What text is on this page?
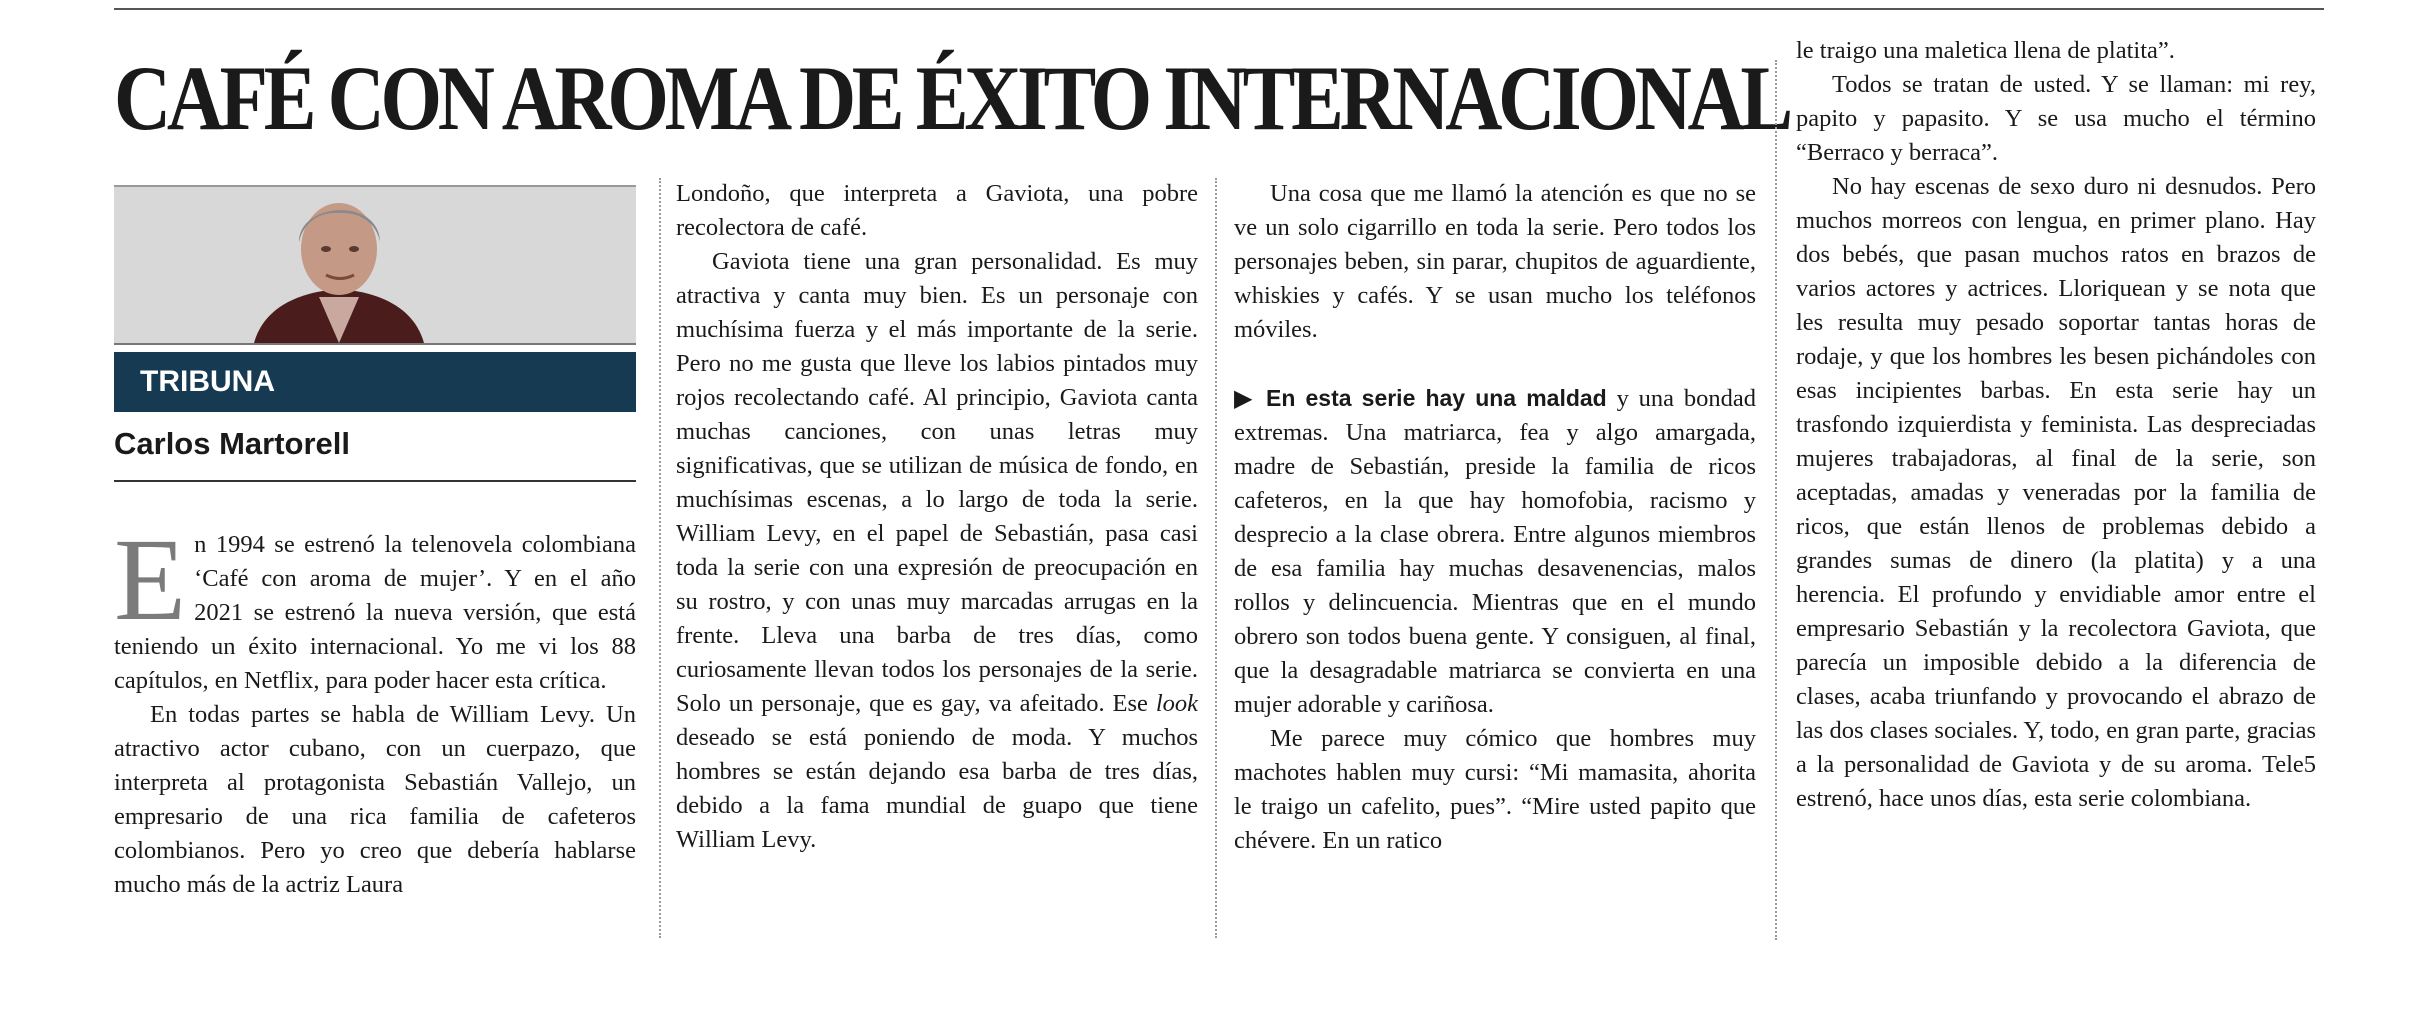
CAFÉ CON AROMA DE ÉXITO INTERNACIONAL
TRIBUNA
Carlos Martorell

En 1994 se estrenó la telenovela colombiana ‘Café con aroma de mujer’. Y en el año 2021 se estrenó la nueva versión, que está teniendo un éxito internacional. Yo me vi los 88 capítulos, en Netflix, para poder hacer esta crítica.

En todas partes se habla de William Levy. Un atractivo actor cubano, con un cuerpazo, que interpreta al protagonista Sebastián Vallejo, un empresario de una rica familia de cafeteros colombianos. Pero yo creo que debería hablarse mucho más de la actriz Laura

Londoño, que interpreta a Gaviota, una pobre recolectora de café.

Gaviota tiene una gran personalidad. Es muy atractiva y canta muy bien. Es un personaje con muchísima fuerza y el más importante de la serie. Pero no me gusta que lleve los labios pintados muy rojos recolectando café. Al principio, Gaviota canta muchas canciones, con unas letras muy significativas, que se utilizan de música de fondo, en muchísimas escenas, a lo largo de toda la serie. William Levy, en el papel de Sebastián, pasa casi toda la serie con una expresión de preocupación en su rostro, y con unas muy marcadas arrugas en la frente. Lleva una barba de tres días, como curiosamente llevan todos los personajes de la serie. Solo un personaje, que es gay, va afeitado. Ese look deseado se está poniendo de moda. Y muchos hombres se están dejando esa barba de tres días, debido a la fama mundial de guapo que tiene William Levy.

Una cosa que me llamó la atención es que no se ve un solo cigarrillo en toda la serie. Pero todos los personajes beben, sin parar, chupitos de aguardiente, whiskies y cafés. Y se usan mucho los teléfonos móviles.

▶ En esta serie hay una maldad y una bondad extremas. Una matriarca, fea y algo amargada, madre de Sebastián, preside la familia de ricos cafeteros, en la que hay homofobia, racismo y desprecio a la clase obrera. Entre algunos miembros de esa familia hay muchas desavenencias, malos rollos y delincuencia. Mientras que en el mundo obrero son todos buena gente. Y consiguen, al final, que la desagradable matriarca se convierta en una mujer adorable y cariñosa.

Me parece muy cómico que hombres muy machotes hablen muy cursi: “Mi mamasita, ahorita le traigo un cafelito, pues”. “Mire usted papito que chévere. En un ratico

le traigo una maletica llena de platita”.

Todos se tratan de usted. Y se llaman: mi rey, papito y papasito. Y se usa mucho el término “Berraco y berraca”.

No hay escenas de sexo duro ni desnudos. Pero muchos morreos con lengua, en primer plano. Hay dos bebés, que pasan muchos ratos en brazos de varios actores y actrices. Lloriquean y se nota que les resulta muy pesado soportar tantas horas de rodaje, y que los hombres les besen pichándoles con esas incipientes barbas. En esta serie hay un trasfondo izquierdista y feminista. Las despreciadas mujeres trabajadoras, al final de la serie, son aceptadas, amadas y veneradas por la familia de ricos, que están llenos de problemas debido a grandes sumas de dinero (la platita) y a una herencia. El profundo y envidiable amor entre el empresario Sebastián y la recolectora Gaviota, que parecía un imposible debido a la diferencia de clases, acaba triunfando y provocando el abrazo de las dos clases sociales. Y, todo, en gran parte, gracias a la personalidad de Gaviota y de su aroma. Tele5 estrenó, hace unos días, esta serie colombiana.
